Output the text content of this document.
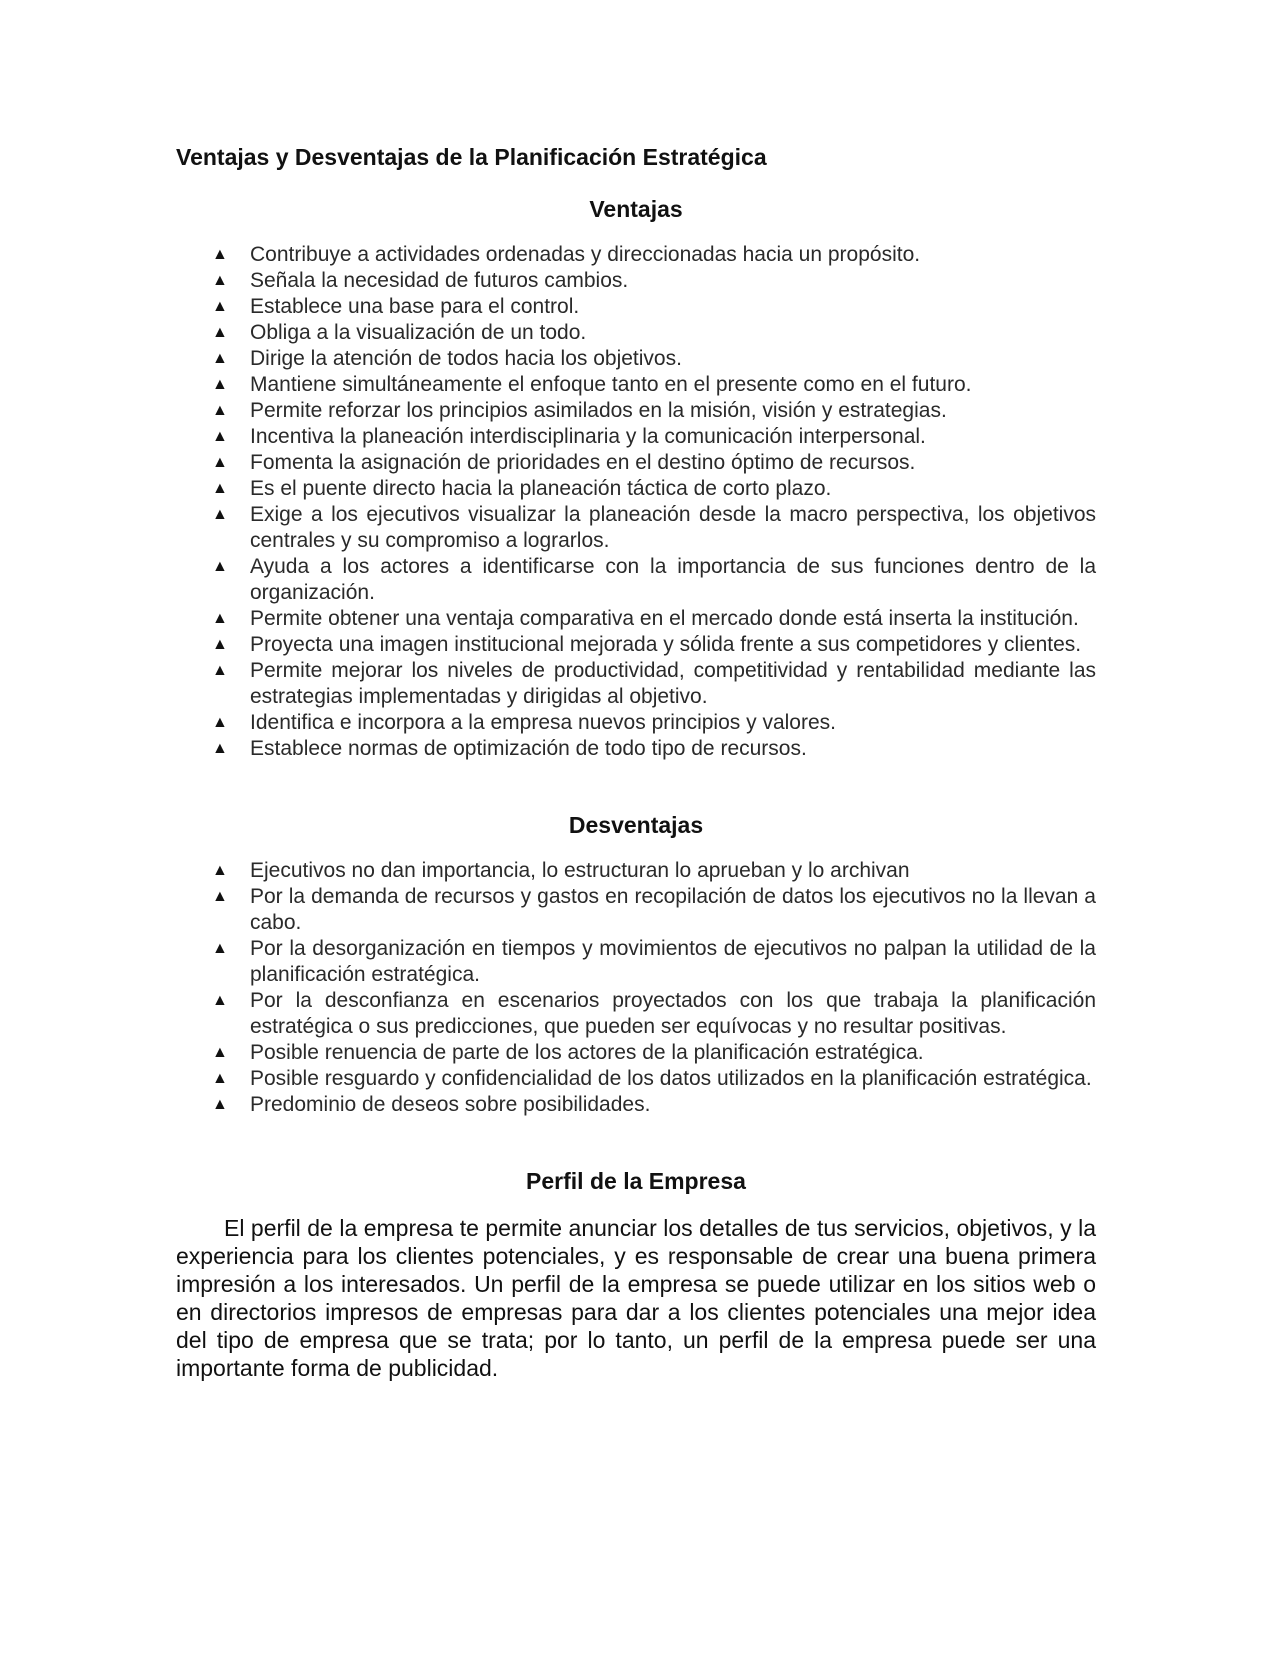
Ventajas y Desventajas de la Planificación Estratégica
Ventajas
▲ Contribuye a actividades ordenadas y direccionadas hacia un propósito.
▲ Señala la necesidad de futuros cambios.
▲ Establece una base para el control.
▲ Obliga a la visualización de un todo.
▲ Dirige la atención de todos hacia los objetivos.
▲ Mantiene simultáneamente el enfoque tanto en el presente como en el futuro.
▲ Permite reforzar los principios asimilados en la misión, visión y estrategias.
▲ Incentiva la planeación interdisciplinaria y la comunicación interpersonal.
▲ Fomenta la asignación de prioridades en el destino óptimo de recursos.
▲ Es el puente directo hacia la planeación táctica de corto plazo.
▲ Exige a los ejecutivos visualizar la planeación desde la macro perspectiva, los objetivos centrales y su compromiso a lograrlos.
▲ Ayuda a los actores a identificarse con la importancia de sus funciones dentro de la organización.
▲ Permite obtener una ventaja comparativa en el mercado donde está inserta la institución.
▲ Proyecta una imagen institucional mejorada y sólida frente a sus competidores y clientes.
▲ Permite mejorar los niveles de productividad, competitividad y rentabilidad mediante las estrategias implementadas y dirigidas al objetivo.
▲ Identifica e incorpora a la empresa nuevos principios y valores.
▲ Establece normas de optimización de todo tipo de recursos.
Desventajas
▲ Ejecutivos no dan importancia, lo estructuran lo aprueban y lo archivan
▲ Por la demanda de recursos y gastos en recopilación de datos los ejecutivos no la llevan a cabo.
▲ Por la desorganización en tiempos y movimientos de ejecutivos no palpan la utilidad de la planificación estratégica.
▲ Por la desconfianza en escenarios proyectados con los que trabaja la planificación estratégica o sus predicciones, que pueden ser equívocas y no resultar positivas.
▲ Posible renuencia de parte de los actores de la planificación estratégica.
▲ Posible resguardo y confidencialidad de los datos utilizados en la planificación estratégica.
▲ Predominio de deseos sobre posibilidades.
Perfil de la Empresa

El perfil de la empresa te permite anunciar los detalles de tus servicios, objetivos, y la experiencia para los clientes potenciales, y es responsable de crear una buena primera impresión a los interesados. Un perfil de la empresa se puede utilizar en los sitios web o en directorios impresos de empresas para dar a los clientes potenciales una mejor idea del tipo de empresa que se trata; por lo tanto, un perfil de la empresa puede ser una importante forma de publicidad.
